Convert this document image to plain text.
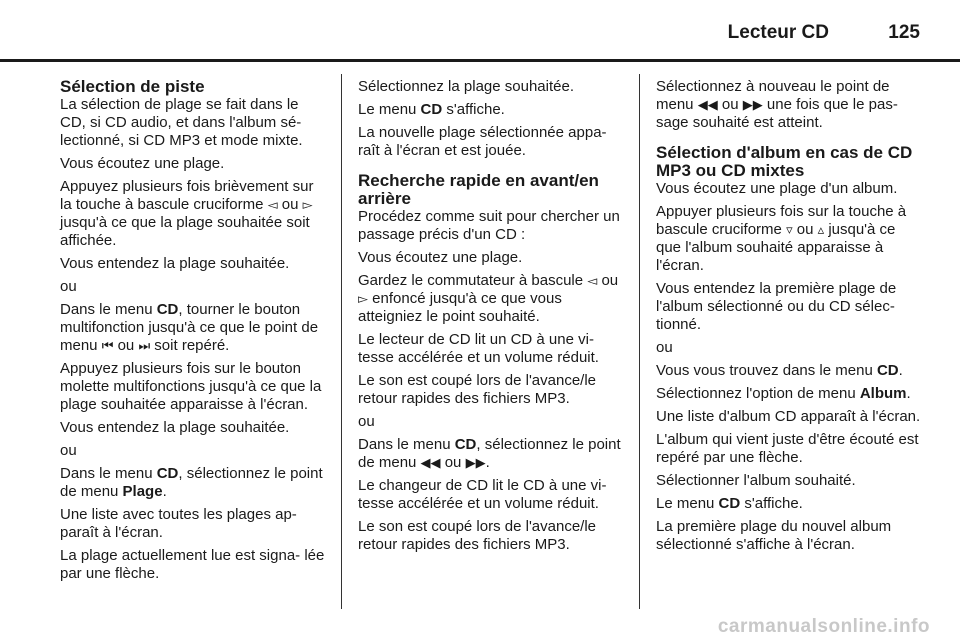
Lecteur CD	125
Sélection de piste

La sélection de plage se fait dans le CD, si CD audio, et dans l'album sé- lectionné, si CD MP3 et mode mixte.

Vous écoutez une plage.

Appuyez plusieurs fois brièvement sur la touche à bascule cruciforme ◅ ou ▻ jusqu'à ce que la plage souhaitée soit affichée.

Vous entendez la plage souhaitée.

ou

Dans le menu CD, tourner le bouton multifonction jusqu'à ce que le point de menu ⏮ ou ⏭ soit repéré.

Appuyez plusieurs fois sur le bouton molette multifonctions jusqu'à ce que la plage souhaitée apparaisse à l'écran.

Vous entendez la plage souhaitée.

ou

Dans le menu CD, sélectionnez le point de menu Plage.

Une liste avec toutes les plages ap- paraît à l'écran.

La plage actuellement lue est signa- lée par une flèche.

Sélectionnez la plage souhaitée.

Le menu CD s'affiche.

La nouvelle plage sélectionnée appa- raît à l'écran et est jouée.

Recherche rapide en avant/en arrière

Procédez comme suit pour chercher un passage précis d'un CD :

Vous écoutez une plage.

Gardez le commutateur à bascule ◅ ou ▻ enfoncé jusqu'à ce que vous atteigniez le point souhaité.

Le lecteur de CD lit un CD à une vi- tesse accélérée et un volume réduit.

Le son est coupé lors de l'avance/le retour rapides des fichiers MP3.

ou

Dans le menu CD, sélectionnez le point de menu ◀◀ ou ▶▶.

Le changeur de CD lit le CD à une vi- tesse accélérée et un volume réduit.

Le son est coupé lors de l'avance/le retour rapides des fichiers MP3.

Sélectionnez à nouveau le point de menu ◀◀ ou ▶▶ une fois que le pas- sage souhaité est atteint.

Sélection d'album en cas de CD MP3 ou CD mixtes

Vous écoutez une plage d'un album.

Appuyer plusieurs fois sur la touche à bascule cruciforme ▿ ou ▵ jusqu'à ce que l'album souhaité apparaisse à l'écran.

Vous entendez la première plage de l'album sélectionné ou du CD sélec- tionné.

ou

Vous vous trouvez dans le menu CD.

Sélectionnez l'option de menu Album.

Une liste d'album CD apparaît à l'écran.

L'album qui vient juste d'être écouté est repéré par une flèche.

Sélectionner l'album souhaité.

Le menu CD s'affiche.

La première plage du nouvel album sélectionné s'affiche à l'écran.

carmanualsonline.info
